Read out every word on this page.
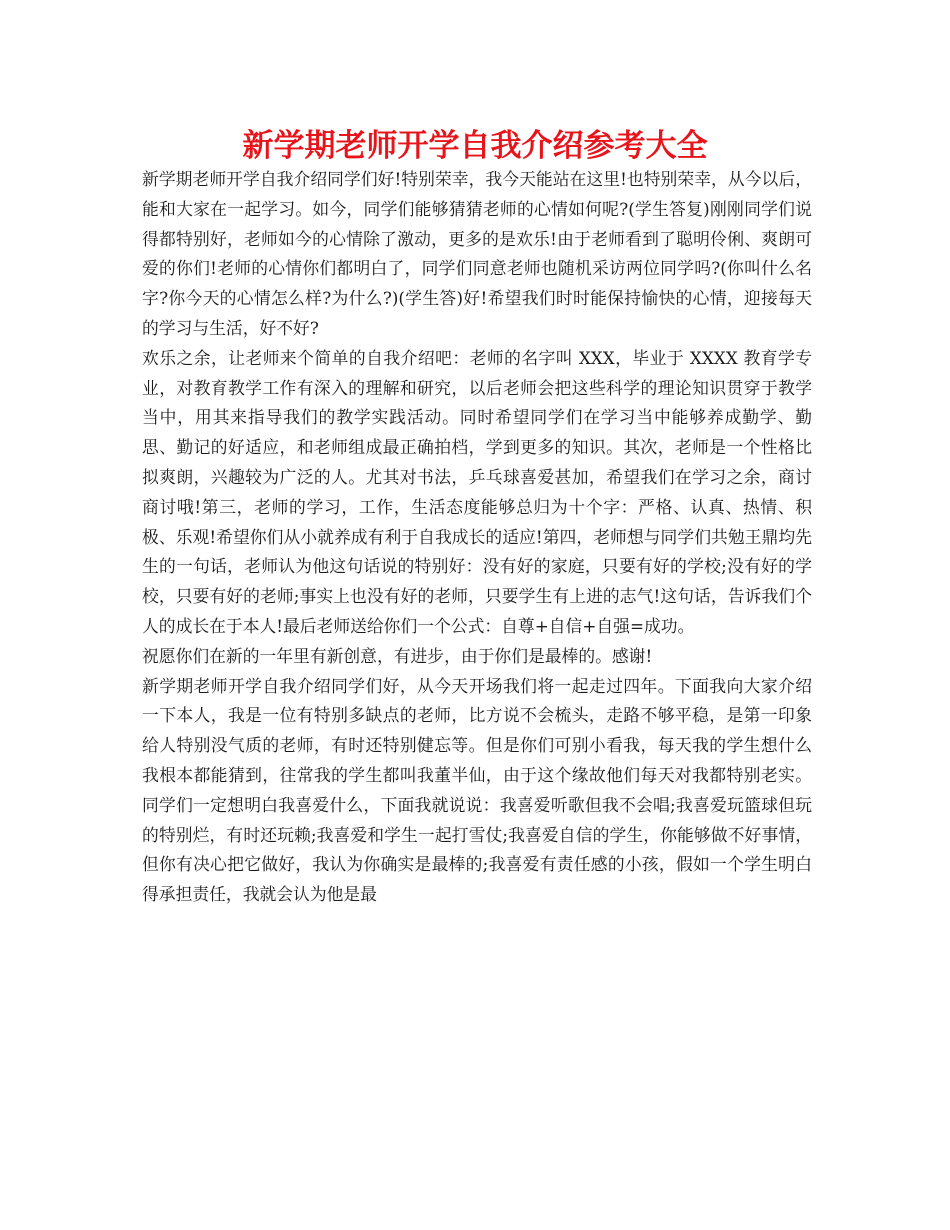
新学期老师开学自我介绍参考大全

新学期老师开学自我介绍同学们好!特别荣幸，我今天能站在这里!也特别荣幸，从今以后，能和大家在一起学习。如今，同学们能够猜猜老师的心情如何呢?(学生答复)刚刚同学们说得都特别好，老师如今的心情除了激动，更多的是欢乐!由于老师看到了聪明伶俐、爽朗可爱的你们!老师的心情你们都明白了，同学们同意老师也随机采访两位同学吗?(你叫什么名字?你今天的心情怎么样?为什么?)(学生答)好!希望我们时时能保持愉快的心情，迎接每天的学习与生活，好不好?

欢乐之余，让老师来个简单的自我介绍吧：老师的名字叫 XXX，毕业于 XXXX 教育学专业，对教育教学工作有深入的理解和研究，以后老师会把这些科学的理论知识贯穿于教学当中，用其来指导我们的教学实践活动。同时希望同学们在学习当中能够养成勤学、勤思、勤记的好适应，和老师组成最正确拍档，学到更多的知识。其次，老师是一个性格比拟爽朗，兴趣较为广泛的人。尤其对书法，乒乓球喜爱甚加，希望我们在学习之余，商讨商讨哦!第三，老师的学习，工作，生活态度能够总归为十个字：严格、认真、热情、积极、乐观!希望你们从小就养成有利于自我成长的适应!第四，老师想与同学们共勉王鼎均先生的一句话，老师认为他这句话说的特别好：没有好的家庭，只要有好的学校;没有好的学校，只要有好的老师;事实上也没有好的老师，只要学生有上进的志气!这句话，告诉我们个人的成长在于本人!最后老师送给你们一个公式：自尊+自信+自强=成功。

祝愿你们在新的一年里有新创意，有进步，由于你们是最棒的。感谢!

新学期老师开学自我介绍同学们好，从今天开场我们将一起走过四年。下面我向大家介绍一下本人，我是一位有特别多缺点的老师，比方说不会梳头，走路不够平稳，是第一印象给人特别没气质的老师，有时还特别健忘等。但是你们可别小看我，每天我的学生想什么我根本都能猜到，往常我的学生都叫我董半仙，由于这个缘故他们每天对我都特别老实。同学们一定想明白我喜爱什么，下面我就说说：我喜爱听歌但我不会唱;我喜爱玩篮球但玩的特别烂，有时还玩赖;我喜爱和学生一起打雪仗;我喜爱自信的学生，你能够做不好事情，但你有决心把它做好，我认为你确实是最棒的;我喜爱有责任感的小孩，假如一个学生明白得承担责任，我就会认为他是最
